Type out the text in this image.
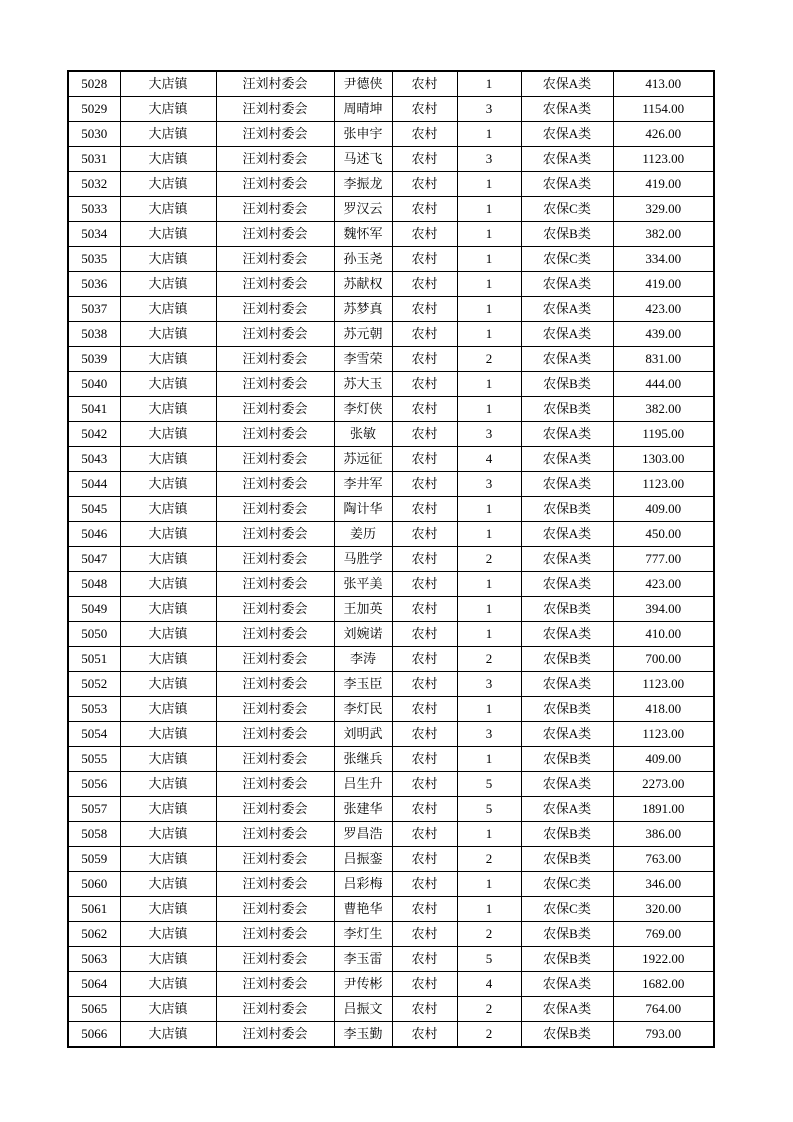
5028	大店镇	汪刘村委会	尹德侠	农村	1	农保A类	413.00
5029	大店镇	汪刘村委会	周晴坤	农村	3	农保A类	1154.00
5030	大店镇	汪刘村委会	张申宇	农村	1	农保A类	426.00
5031	大店镇	汪刘村委会	马述飞	农村	3	农保A类	1123.00
5032	大店镇	汪刘村委会	李振龙	农村	1	农保A类	419.00
5033	大店镇	汪刘村委会	罗汉云	农村	1	农保C类	329.00
5034	大店镇	汪刘村委会	魏怀军	农村	1	农保B类	382.00
5035	大店镇	汪刘村委会	孙玉尧	农村	1	农保C类	334.00
5036	大店镇	汪刘村委会	苏献权	农村	1	农保A类	419.00
5037	大店镇	汪刘村委会	苏梦真	农村	1	农保A类	423.00
5038	大店镇	汪刘村委会	苏元朝	农村	1	农保A类	439.00
5039	大店镇	汪刘村委会	李雪荣	农村	2	农保A类	831.00
5040	大店镇	汪刘村委会	苏大玉	农村	1	农保B类	444.00
5041	大店镇	汪刘村委会	李灯侠	农村	1	农保B类	382.00
5042	大店镇	汪刘村委会	张敏	农村	3	农保A类	1195.00
5043	大店镇	汪刘村委会	苏远征	农村	4	农保A类	1303.00
5044	大店镇	汪刘村委会	李井军	农村	3	农保A类	1123.00
5045	大店镇	汪刘村委会	陶计华	农村	1	农保B类	409.00
5046	大店镇	汪刘村委会	姜历	农村	1	农保A类	450.00
5047	大店镇	汪刘村委会	马胜学	农村	2	农保A类	777.00
5048	大店镇	汪刘村委会	张平美	农村	1	农保A类	423.00
5049	大店镇	汪刘村委会	王加英	农村	1	农保B类	394.00
5050	大店镇	汪刘村委会	刘婉诺	农村	1	农保A类	410.00
5051	大店镇	汪刘村委会	李涛	农村	2	农保B类	700.00
5052	大店镇	汪刘村委会	李玉臣	农村	3	农保A类	1123.00
5053	大店镇	汪刘村委会	李灯民	农村	1	农保B类	418.00
5054	大店镇	汪刘村委会	刘明武	农村	3	农保A类	1123.00
5055	大店镇	汪刘村委会	张继兵	农村	1	农保B类	409.00
5056	大店镇	汪刘村委会	吕生升	农村	5	农保A类	2273.00
5057	大店镇	汪刘村委会	张建华	农村	5	农保A类	1891.00
5058	大店镇	汪刘村委会	罗昌浩	农村	1	农保B类	386.00
5059	大店镇	汪刘村委会	吕振銮	农村	2	农保B类	763.00
5060	大店镇	汪刘村委会	吕彩梅	农村	1	农保C类	346.00
5061	大店镇	汪刘村委会	曹艳华	农村	1	农保C类	320.00
5062	大店镇	汪刘村委会	李灯生	农村	2	农保B类	769.00
5063	大店镇	汪刘村委会	李玉雷	农村	5	农保B类	1922.00
5064	大店镇	汪刘村委会	尹传彬	农村	4	农保A类	1682.00
5065	大店镇	汪刘村委会	吕振文	农村	2	农保A类	764.00
5066	大店镇	汪刘村委会	李玉勤	农村	2	农保B类	793.00
